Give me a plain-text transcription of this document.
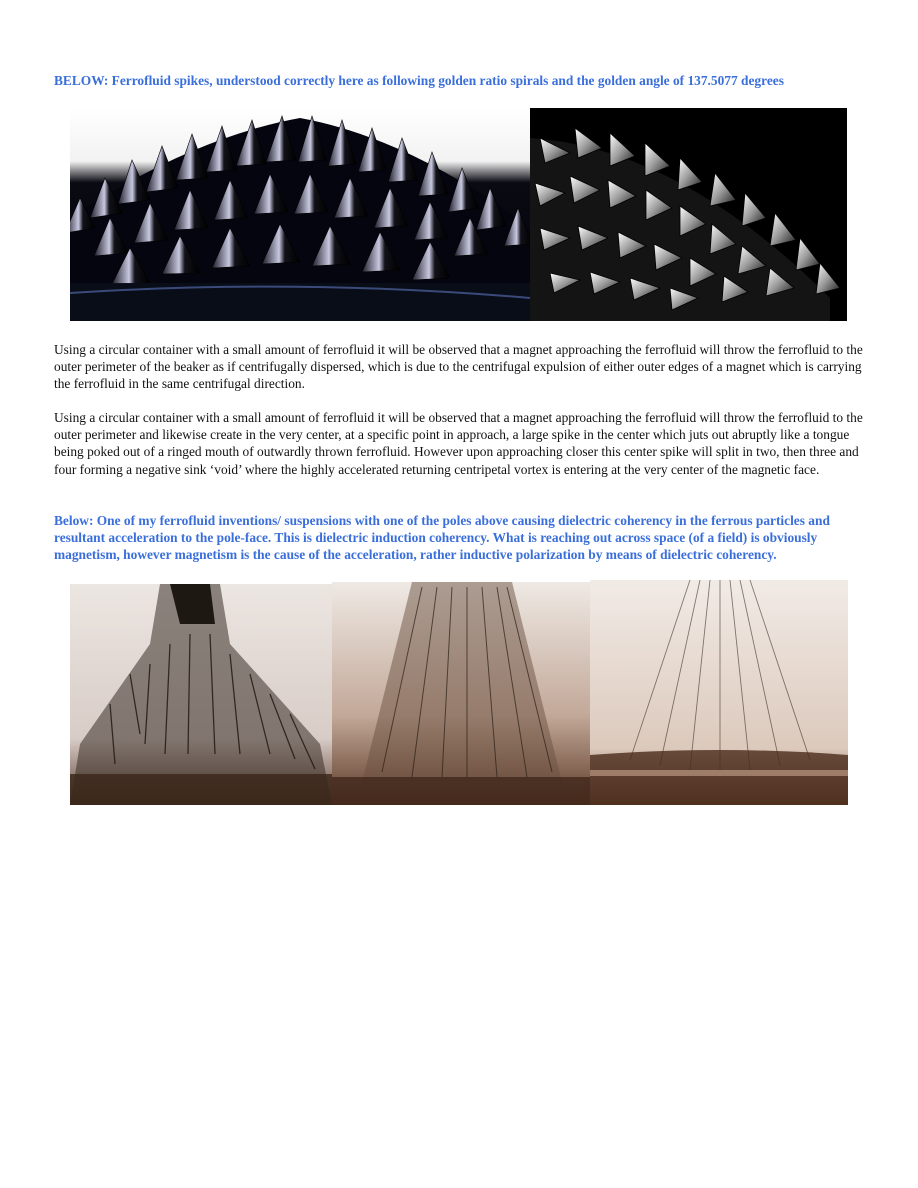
BELOW: Ferrofluid spikes, understood correctly here as following golden ratio spirals and the golden angle of 137.5077 degrees

Using a circular container with a small amount of ferrofluid it will be observed that a magnet approaching the ferrofluid will throw the ferrofluid to the outer perimeter of the beaker as if centrifugally dispersed, which is due to the centrifugal expulsion of either outer edges of a magnet which is carrying the ferrofluid in the same centrifugal direction.

Using a circular container with a small amount of ferrofluid it will be observed that a magnet approaching the ferrofluid will throw the ferrofluid to the outer perimeter and likewise create in the very center, at a specific point in approach, a large spike in the center which juts out abruptly like a tongue being poked out of a ringed mouth of outwardly thrown ferrofluid. However upon approaching closer this center spike will split in two, then three and four forming a negative sink ‘void’ where the highly accelerated returning centripetal vortex is entering at the very center of the magnetic face.

Below: One of my ferrofluid inventions/ suspensions with one of the poles above causing dielectric coherency in the ferrous particles and resultant acceleration to the pole-face. This is dielectric induction coherency. What is reaching out across space (of a field) is obviously magnetism, however magnetism is the cause of the acceleration, rather inductive polarization by means of dielectric coherency.
